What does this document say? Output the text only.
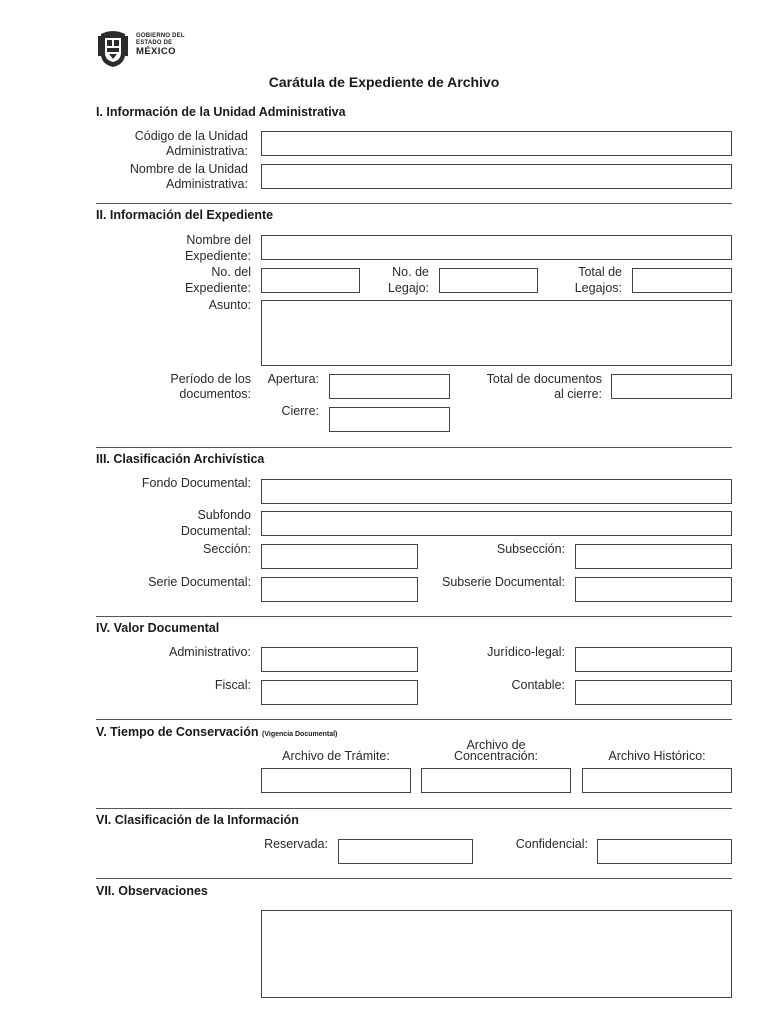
GOBIERNO DEL
ESTADO DE
MÉXICO
Carátula de Expediente de Archivo
I. Información de la Unidad Administrativa
Código de la Unidad
Administrativa:
Nombre de la Unidad
Administrativa:
II. Información del Expediente
Nombre del
Expediente:
No. del
Expediente:
No. de
Legajo:
Total de
Legajos:
Asunto:
Período de los
documentos:
Apertura:
Cierre:
Total de documentos
al cierre:
III. Clasificación Archivística
Fondo Documental:
Subfondo
Documental:
Sección:	Subsección:
Serie Documental:	Subserie Documental:
IV. Valor Documental
Administrativo:	Jurídico-legal:
Fiscal:	Contable:
V. Tiempo de Conservación (Vigencia Documental)
Archivo de Trámite:
Archivo de
Concentración:	Archivo Histórico:
VI. Clasificación de la Información
Reservada:	Confidencial:
VII. Observaciones
